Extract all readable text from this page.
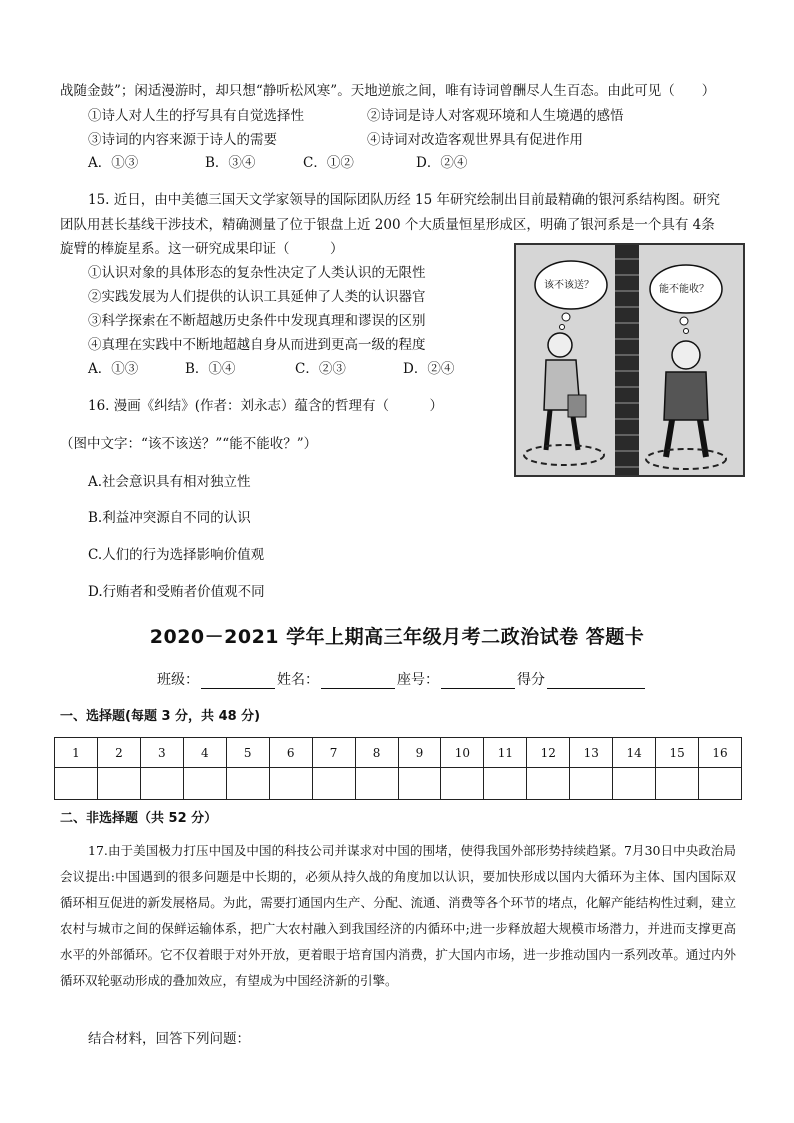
战随金鼓”；闲适漫游时，却只想“静听松风寒”。天地逆旅之间，唯有诗词曾酬尽人生百态。由此可见（　　）
①诗人对人生的抒写具有自觉选择性	②诗词是诗人对客观环境和人生境遇的感悟
③诗词的内容来源于诗人的需要	④诗词对改造客观世界具有促进作用
A．①③	B．③④	C．①②	D．②④
15. 近日，由中美德三国天文学家领导的国际团队历经 15 年研究绘制出目前最精确的银河系结构图。研究
团队用甚长基线干涉技术，精确测量了位于银盘上近 200 个大质量恒星形成区，明确了银河系是一个具有 4条
旋臂的棒旋星系。这一研究成果印证（　　　）
①认识对象的具体形态的复杂性决定了人类认识的无限性
②实践发展为人们提供的认识工具延伸了人类的认识器官
③科学探索在不断超越历史条件中发现真理和谬误的区别
④真理在实践中不断地超越自身从而进到更高一级的程度
A．①③	B．①④	C．②③	D．②④
16. 漫画《纠结》(作者：刘永志）蕴含的哲理有（　　　）
（图中文字：“该不该送？”“能不能收？”）
A.社会意识具有相对独立性
B.利益冲突源自不同的认识
C.人们的行为选择影响价值观
D.行贿者和受贿者价值观不同
该不该送？	能不能收？
2020－2021 学年上期高三年级月考二政治试卷 答题卡
班级：	姓名：	座号：	得分
一、选择题(每题 3 分，共 48 分)
1	2	3	4	5	6	7	8	9	10	11	12	13	14	15	16

二、非选择题（共 52 分）

17.由于美国极力打压中国及中国的科技公司并谋求对中国的围堵，使得我国外部形势持续趋紧。7月30日中央政治局会议提出:中国遇到的很多问题是中长期的，必须从持久战的角度加以认识，要加快形成以国内大循环为主体、国内国际双循环相互促进的新发展格局。为此，需要打通国内生产、分配、流通、消费等各个环节的堵点，化解产能结构性过剩，建立农村与城市之间的保鲜运输体系，把广大农村融入到我国经济的内循环中;进一步释放超大规模市场潜力，并进而支撑更高水平的外部循环。它不仅着眼于对外开放，更着眼于培育国内消费，扩大国内市场，进一步推动国内一系列改革。通过内外循环双轮驱动形成的叠加效应，有望成为中国经济新的引擎。

结合材料，回答下列问题：
